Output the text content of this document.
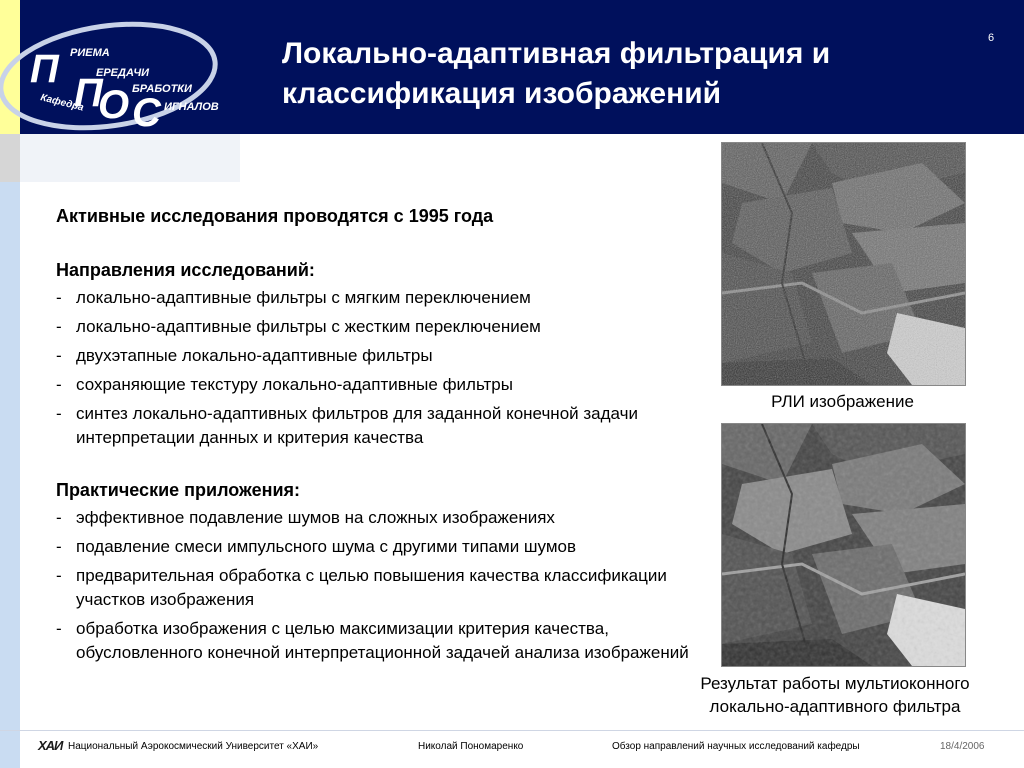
П
П
О С
РИЕМА
ЕРЕДАЧИ
БРАБОТКИ
ИГНАЛОВ
Кафедра
Локально-адаптивная фильтрация и классификация изображений
6
Активные исследования проводятся с 1995 года
Направления исследований:
- локально-адаптивные фильтры с мягким переключением
- локально-адаптивные фильтры с жестким переключением
- двухэтапные локально-адаптивные фильтры
- сохраняющие текстуру локально-адаптивные фильтры
- синтез локально-адаптивных фильтров для заданной конечной задачи интерпретации данных и критерия качества
Практические приложения:
- эффективное подавление шумов на сложных изображениях
- подавление смеси импульсного шума с другими типами шумов
- предварительная обработка с целью повышения качества классификации участков изображения
- обработка изображения с целью максимизации критерия качества, обусловленного конечной интерпретационной задачей анализа изображений
РЛИ изображение
Результат работы мультиоконного локально-адаптивного фильтра
ХАИ Национальный Аэрокосмический Университет «ХАИ»	Николай Пономаренко	Обзор направлений научных исследований кафедры	18/4/2006
